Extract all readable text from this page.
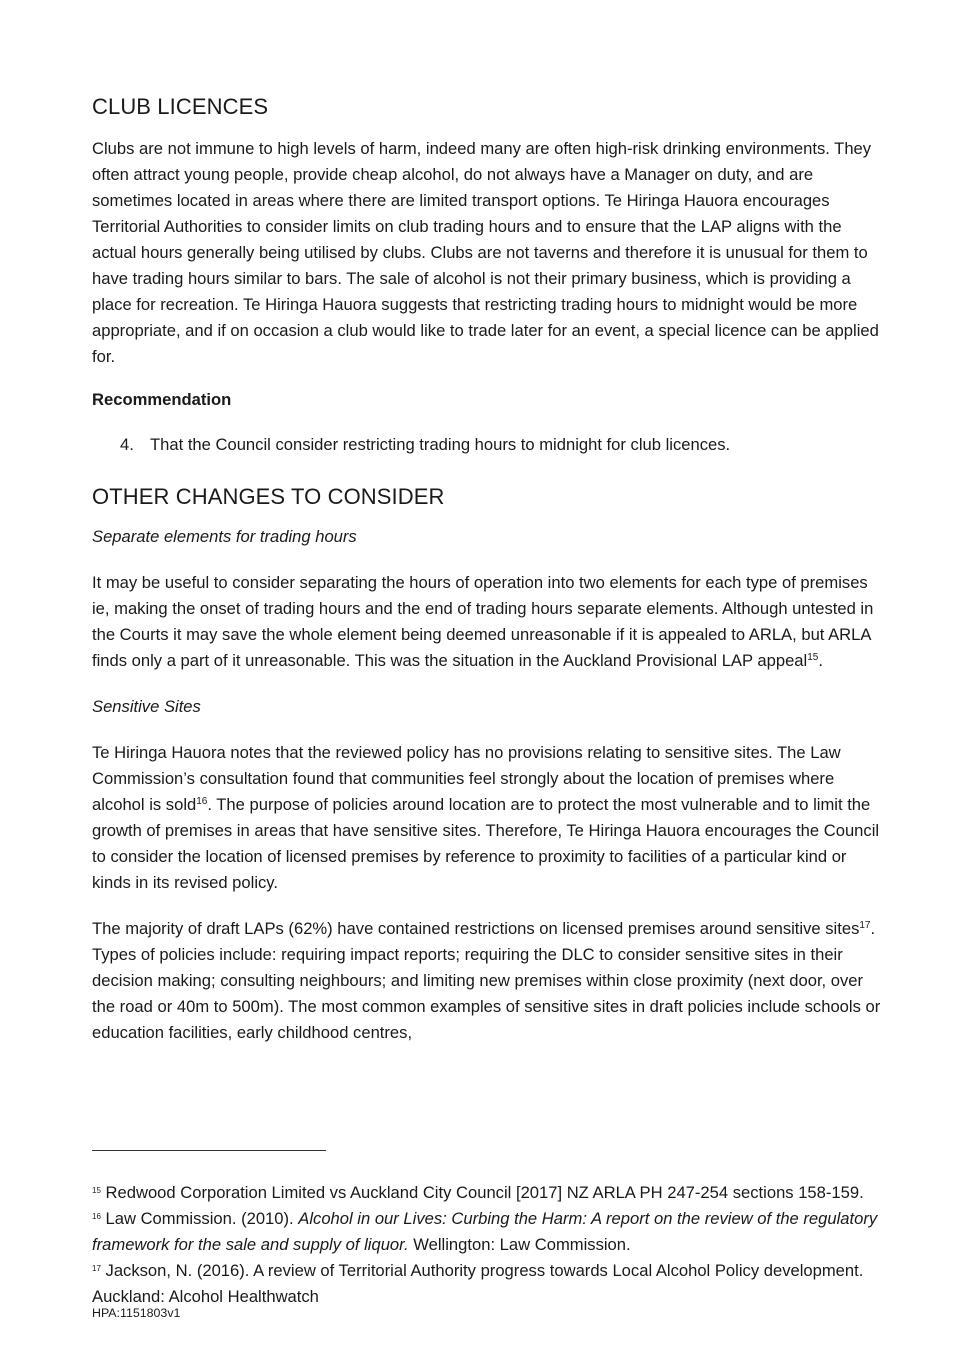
CLUB LICENCES

Clubs are not immune to high levels of harm, indeed many are often high-risk drinking environments. They often attract young people, provide cheap alcohol, do not always have a Manager on duty, and are sometimes located in areas where there are limited transport options. Te Hiringa Hauora encourages Territorial Authorities to consider limits on club trading hours and to ensure that the LAP aligns with the actual hours generally being utilised by clubs. Clubs are not taverns and therefore it is unusual for them to have trading hours similar to bars. The sale of alcohol is not their primary business, which is providing a place for recreation. Te Hiringa Hauora suggests that restricting trading hours to midnight would be more appropriate, and if on occasion a club would like to trade later for an event, a special licence can be applied for.

Recommendation
4. That the Council consider restricting trading hours to midnight for club licences.
OTHER CHANGES TO CONSIDER
Separate elements for trading hours

It may be useful to consider separating the hours of operation into two elements for each type of premises ie, making the onset of trading hours and the end of trading hours separate elements. Although untested in the Courts it may save the whole element being deemed unreasonable if it is appealed to ARLA, but ARLA finds only a part of it unreasonable. This was the situation in the Auckland Provisional LAP appeal$^{15}$.

Sensitive Sites

Te Hiringa Hauora notes that the reviewed policy has no provisions relating to sensitive sites. The Law Commission’s consultation found that communities feel strongly about the location of premises where alcohol is sold$^{16}$. The purpose of policies around location are to protect the most vulnerable and to limit the growth of premises in areas that have sensitive sites. Therefore, Te Hiringa Hauora encourages the Council to consider the location of licensed premises by reference to proximity to facilities of a particular kind or kinds in its revised policy.

The majority of draft LAPs (62%) have contained restrictions on licensed premises around sensitive sites$^{17}$. Types of policies include: requiring impact reports; requiring the DLC to consider sensitive sites in their decision making; consulting neighbours; and limiting new premises within close proximity (next door, over the road or 40m to 500m). The most common examples of sensitive sites in draft policies include schools or education facilities, early childhood centres,

$^{15}$ Redwood Corporation Limited vs Auckland City Council [2017] NZ ARLA PH 247-254 sections 158-159.

$^{16}$ Law Commission. (2010). Alcohol in our Lives: Curbing the Harm: A report on the review of the regulatory framework for the sale and supply of liquor. Wellington: Law Commission.

$^{17}$ Jackson, N. (2016). A review of Territorial Authority progress towards Local Alcohol Policy development. Auckland: Alcohol Healthwatch

HPA:1151803v1
